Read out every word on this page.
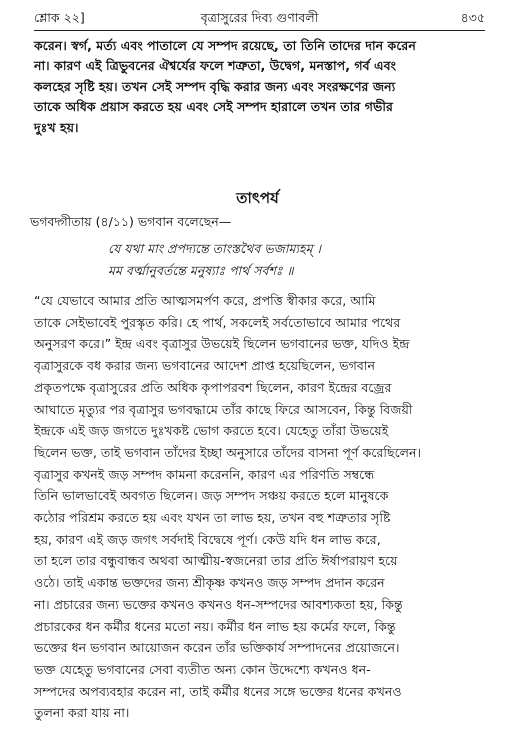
শ্লোক ২২]	বৃত্রাসুরের দিব্য গুণাবলী	৪৩৫
করেন। স্বর্গ, মর্ত্য এবং পাতালে যে সম্পদ রয়েছে, তা তিনি তাদের দান করেন
না। কারণ এই ত্রিভুবনের ঐশ্বর্যের ফলে শত্রুতা, উদ্বেগ, মনস্তাপ, গর্ব এবং
কলহের সৃষ্টি হয়। তখন সেই সম্পদ বৃদ্ধি করার জন্য এবং সংরক্ষণের জন্য
তাকে অধিক প্রয়াস করতে হয় এবং সেই সম্পদ হারালে তখন তার গভীর
দুঃখ হয়।
তাৎপর্য
ভগবদ্গীতায় (৪/১১) ভগবান বলেছেন—
যে যথা মাং প্রপদ্যন্তে তাংস্তথৈব ভজাম্যহম্ ।
মম বর্ত্মানুবর্তন্তে মনুষ্যাঃ পার্থ সর্বশঃ ॥
“যে যেভাবে আমার প্রতি আত্মসমর্পণ করে, প্রপত্তি স্বীকার করে, আমি
তাকে সেইভাবেই পুরস্কৃত করি। হে পার্থ, সকলেই সর্বতোভাবে আমার পথের
অনুসরণ করে।” ইন্দ্র এবং বৃত্রাসুর উভয়েই ছিলেন ভগবানের ভক্ত, যদিও ইন্দ্র
বৃত্রাসুরকে বধ করার জন্য ভগবানের আদেশ প্রাপ্ত হয়েছিলেন, ভগবান
প্রকৃতপক্ষে বৃত্রাসুরের প্রতি অধিক কৃপাপরবশ ছিলেন, কারণ ইন্দ্রের বজ্রের
আঘাতে মৃত্যুর পর বৃত্রাসুর ভগবদ্ধামে তাঁর কাছে ফিরে আসবেন, কিন্তু বিজয়ী
ইন্দ্রকে এই জড় জগতে দুঃখকষ্ট ভোগ করতে হবে। যেহেতু তাঁরা উভয়েই
ছিলেন ভক্ত, তাই ভগবান তাঁদের ইচ্ছা অনুসারে তাঁদের বাসনা পূর্ণ করেছিলেন।
বৃত্রাসুর কখনই জড় সম্পদ কামনা করেননি, কারণ এর পরিণতি সম্বন্ধে
তিনি ভালভাবেই অবগত ছিলেন। জড় সম্পদ সঞ্চয় করতে হলে মানুষকে
কঠোর পরিশ্রম করতে হয় এবং যখন তা লাভ হয়, তখন বহু শত্রুতার সৃষ্টি
হয়, কারণ এই জড় জগৎ সর্বদাই বিদ্বেষে পূর্ণ। কেউ যদি ধন লাভ করে,
তা হলে তার বন্ধুবান্ধব অথবা আত্মীয়-স্বজনেরা তার প্রতি ঈর্ষাপরায়ণ হয়ে
ওঠে। তাই একান্ত ভক্তদের জন্য শ্রীকৃষ্ণ কখনও জড় সম্পদ প্রদান করেন
না। প্রচারের জন্য ভক্তের কখনও কখনও ধন-সম্পদের আবশ্যকতা হয়, কিন্তু
প্রচারকের ধন কর্মীর ধনের মতো নয়। কর্মীর ধন লাভ হয় কর্মের ফলে, কিন্তু
ভক্তের ধন ভগবান আয়োজন করেন তাঁর ভক্তিকার্য সম্পাদনের প্রয়োজনে।
ভক্ত যেহেতু ভগবানের সেবা ব্যতীত অন্য কোন উদ্দেশ্যে কখনও ধন-
সম্পদের অপব্যবহার করেন না, তাই কর্মীর ধনের সঙ্গে ভক্তের ধনের কখনও
তুলনা করা যায় না।
